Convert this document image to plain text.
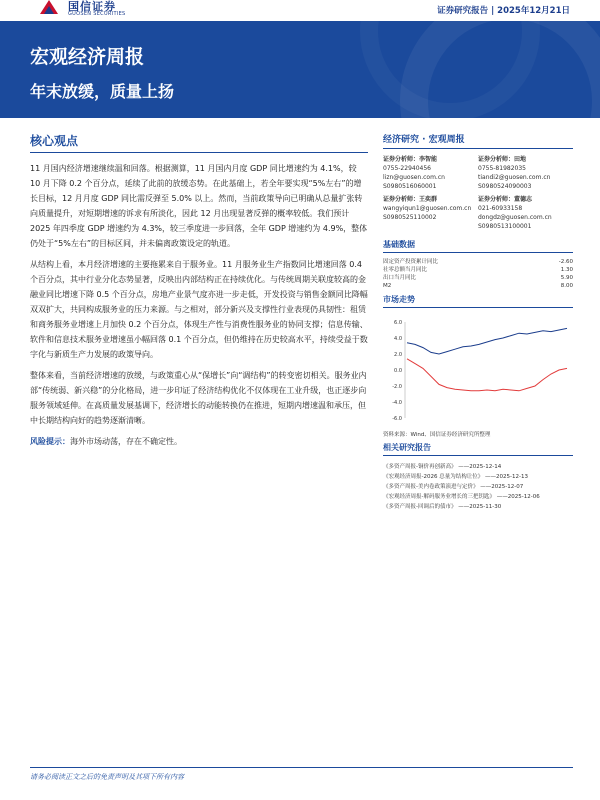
国信证券
GUOSEN SECURITIES	证券研究报告 | 2025年12月21日
宏观经济周报
年末放缓，质量上扬
核心观点

11 月国内经济增速继续温和回落。根据测算，11 月国内月度 GDP 同比增速约为 4.1%，较 10 月下降 0.2 个百分点，延续了此前的放缓态势。在此基础上，若全年要实现“5%左右”的增长目标，12 月月度 GDP 同比需反弹至 5.0% 以上。然而，当前政策导向已明确从总量扩张转向质量提升，对短期增速的诉求有所淡化，因此 12 月出现显著反弹的概率较低。我们预计 2025 年四季度 GDP 增速约为 4.3%，较三季度进一步回落，全年 GDP 增速约为 4.9%，整体仍处于“5%左右”的目标区间，并未偏离政策设定的轨道。

从结构上看，本月经济增速的主要拖累来自于服务业。11 月服务业生产指数同比增速回落 0.4 个百分点，其中行业分化态势显著，反映出内部结构正在持续优化。与传统周期关联度较高的金融业同比增速下降 0.5 个百分点，房地产业景气度亦进一步走低，开发投资与销售金额同比降幅双双扩大，共同构成服务业的压力来源。与之相对，部分新兴及支撑性行业表现仍具韧性：租赁和商务服务业增速上月加快 0.2 个百分点，体现生产性与消费性服务业的协同支撑；信息传输、软件和信息技术服务业增速虽小幅回落 0.1 个百分点，但仍维持在历史较高水平，持续受益于数字化与新质生产力发展的政策导向。

整体来看，当前经济增速的放缓，与政策重心从“保增长”向“调结构”的转变密切相关。服务业内部“传统弱、新兴稳”的分化格局，进一步印证了经济结构优化不仅体现在工业升级，也正逐步向服务领域延伸。在高质量发展基调下，经济增长的动能转换仍在推进，短期内增速温和承压，但中长期结构向好的趋势逐渐清晰。

风险提示：海外市场动荡，存在不确定性。

经济研究 · 宏观周报
证券分析师：李智能
0755-22940456
lizn@guosen.com.cn
S0980516060001
证券分析师：田地
0755-81982035
tiandi2@guosen.com.cn
S0980524090003
证券分析师：王奕群
wangyiqun1@guosen.com.cn
S0980525110002
证券分析师：董德志
021-60933158
dongdz@guosen.com.cn
S0980513100001
基础数据
固定资产投资累计同比	-2.60
社零总额当月同比	1.30
出口当月同比	5.90
M2	8.00
市场走势
6.0
4.0
2.0
0.0
-2.0
-4.0
-6.0
资料来源：Wind、国信证券经济研究所整理
相关研究报告
《多资产周报-铜价再创新高》 ——2025-12-14
《宏观经济周报-2026 总量为结构让位》 ——2025-12-13
《多资产周报-美内卷政策演进与定价》 ——2025-12-07
《宏观经济周报-解码服务业增长的三把钥匙》 ——2025-12-06
《多资产周报-回调后的债市》 ——2025-11-30
请务必阅读正文之后的免责声明及其项下所有内容
